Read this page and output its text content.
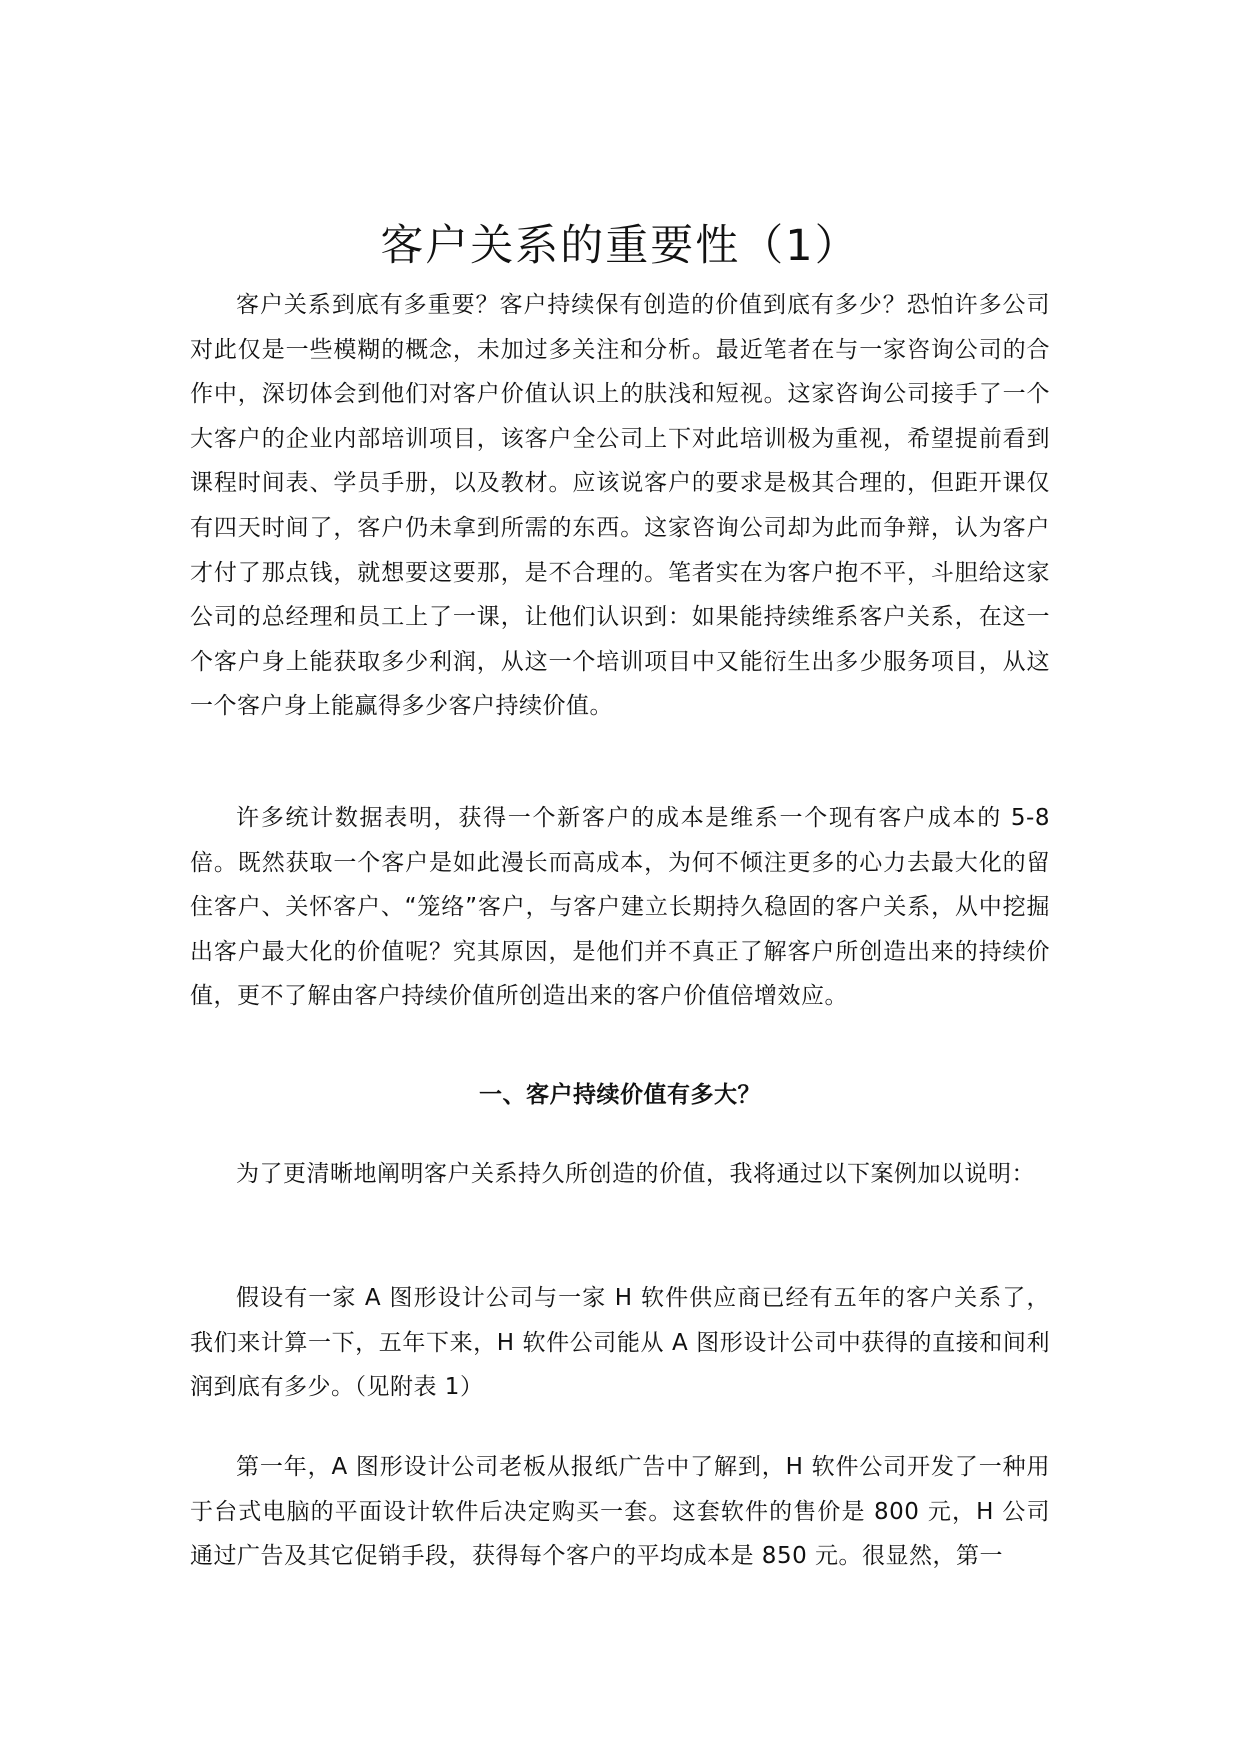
客户关系的重要性（1）

客户关系到底有多重要？客户持续保有创造的价值到底有多少？恐怕许多公司对此仅是一些模糊的概念，未加过多关注和分析。最近笔者在与一家咨询公司的合作中，深切体会到他们对客户价值认识上的肤浅和短视。这家咨询公司接手了一个大客户的企业内部培训项目，该客户全公司上下对此培训极为重视，希望提前看到课程时间表、学员手册，以及教材。应该说客户的要求是极其合理的，但距开课仅有四天时间了，客户仍未拿到所需的东西。这家咨询公司却为此而争辩，认为客户才付了那点钱，就想要这要那，是不合理的。笔者实在为客户抱不平，斗胆给这家公司的总经理和员工上了一课，让他们认识到：如果能持续维系客户关系，在这一个客户身上能获取多少利润，从这一个培训项目中又能衍生出多少服务项目，从这一个客户身上能赢得多少客户持续价值。

许多统计数据表明，获得一个新客户的成本是维系一个现有客户成本的 5-8 倍。既然获取一个客户是如此漫长而高成本，为何不倾注更多的心力去最大化的留住客户、关怀客户、“笼络”客户，与客户建立长期持久稳固的客户关系，从中挖掘出客户最大化的价值呢？究其原因，是他们并不真正了解客户所创造出来的持续价值，更不了解由客户持续价值所创造出来的客户价值倍增效应。

一、客户持续价值有多大？

为了更清晰地阐明客户关系持久所创造的价值，我将通过以下案例加以说明：

假设有一家 A 图形设计公司与一家 H 软件供应商已经有五年的客户关系了，我们来计算一下，五年下来，H 软件公司能从 A 图形设计公司中获得的直接和间利润到底有多少。（见附表 1）

第一年，A 图形设计公司老板从报纸广告中了解到，H 软件公司开发了一种用于台式电脑的平面设计软件后决定购买一套。这套软件的售价是 800 元，H 公司通过广告及其它促销手段，获得每个客户的平均成本是 850 元。很显然，第一
